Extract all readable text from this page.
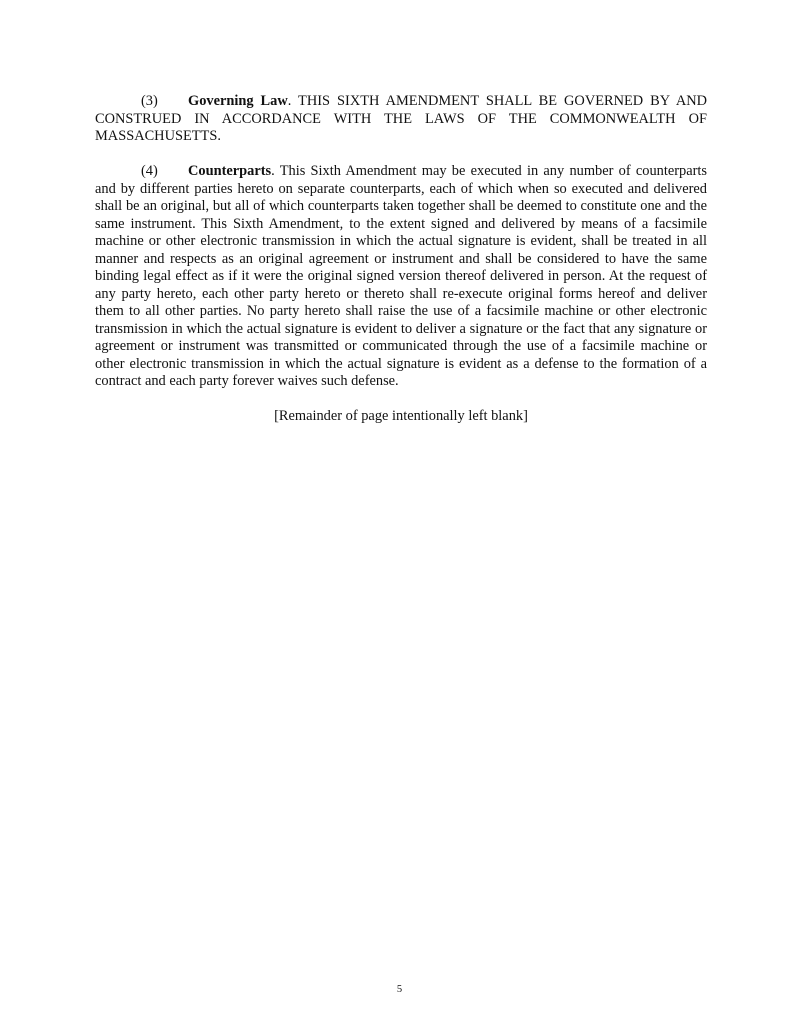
(3) Governing Law. THIS SIXTH AMENDMENT SHALL BE GOVERNED BY AND CONSTRUED IN ACCORDANCE WITH THE LAWS OF THE COMMONWEALTH OF MASSACHUSETTS.

(4) Counterparts. This Sixth Amendment may be executed in any number of counterparts and by different parties hereto on separate counterparts, each of which when so executed and delivered shall be an original, but all of which counterparts taken together shall be deemed to constitute one and the same instrument. This Sixth Amendment, to the extent signed and delivered by means of a facsimile machine or other electronic transmission in which the actual signature is evident, shall be treated in all manner and respects as an original agreement or instrument and shall be considered to have the same binding legal effect as if it were the original signed version thereof delivered in person. At the request of any party hereto, each other party hereto or thereto shall re-execute original forms hereof and deliver them to all other parties. No party hereto shall raise the use of a facsimile machine or other electronic transmission in which the actual signature is evident to deliver a signature or the fact that any signature or agreement or instrument was transmitted or communicated through the use of a facsimile machine or other electronic transmission in which the actual signature is evident as a defense to the formation of a contract and each party forever waives such defense.

[Remainder of page intentionally left blank]

5
